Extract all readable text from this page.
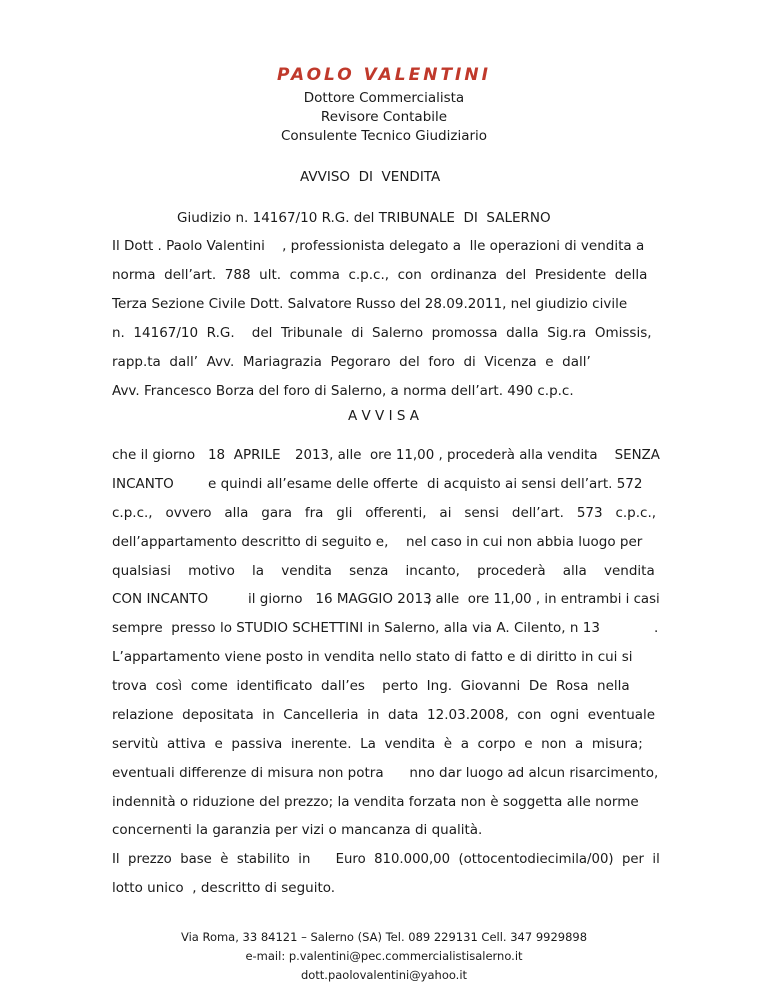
PAOLO VALENTINI
Dottore Commercialista
Revisore Contabile
Consulente Tecnico Giudiziario
AVVISO  DI  VENDITA
Giudizio n. 14167/10 R.G. del TRIBUNALE  DI  SALERNO
Il Dott . Paolo Valentini    , professionista delegato a  lle operazioni di vendita a
norma  dell’art.  788  ult.  comma  c.p.c.,  con  ordinanza  del  Presidente  della
Terza Sezione Civile Dott. Salvatore Russo del 28.09.2011, nel giudizio civile
n.  14167/10  R.G.    del  Tribunale  di  Salerno  promossa  dalla  Sig.ra  Omissis,
rapp.ta  dall’  Avv.  Mariagrazia  Pegoraro  del  foro  di  Vicenza  e  dall’
Avv. Francesco Borza del foro di Salerno, a norma dell’art. 490 c.p.c.
A V V I S A
che il giorno   18  APRILE 2013, alle  ore 11,00 , procederà alla vendita    SENZA
INCANTO	e quindi all’esame delle offerte di acquisto ai sensi dell’art. 572
c.p.c.,   ovvero   alla   gara   fra   gli   offerenti,   ai   sensi   dell’art.   573   c.p.c.,
dell’appartamento descritto di seguito e, nel caso in cui non abbia luogo per
qualsiasi    motivo    la    vendita    senza    incanto,    procederà    alla    vendita
CON INCANTO	il giorno   16 MAGGIO 2013
, alle  ore 11,00 , in entrambi i casi
sempre  presso lo STUDIO SCHETTINI in Salerno, alla via A. Cilento, n 13	.
L’appartamento viene posto in vendita nello stato di fatto e di diritto in cui si
trova  così  come  identificato  dall’es    perto  Ing.  Giovanni  De  Rosa  nella
relazione  depositata  in  Cancelleria  in  data  12.03.2008,  con  ogni  eventuale
servitù  attiva  e  passiva  inerente.  La  vendita  è  a  corpo  e  non  a  misura;
eventuali differenze di misura non potra      nno dar luogo ad alcun risarcimento,
indennità o riduzione del prezzo; la vendita forzata non è soggetta alle norme
concernenti la garanzia per vizi o mancanza di qualità.
Il  prezzo  base  è  stabilito  in      Euro  810.000,00  (ottocentodiecimila/00)  per  il
lotto unico  , descritto di seguito.
Via Roma, 33 84121 – Salerno (SA) Tel. 089 229131 Cell. 347 9929898
e-mail: p.valentini@pec.commercialistisalerno.it
dott.paolovalentini@yahoo.it
